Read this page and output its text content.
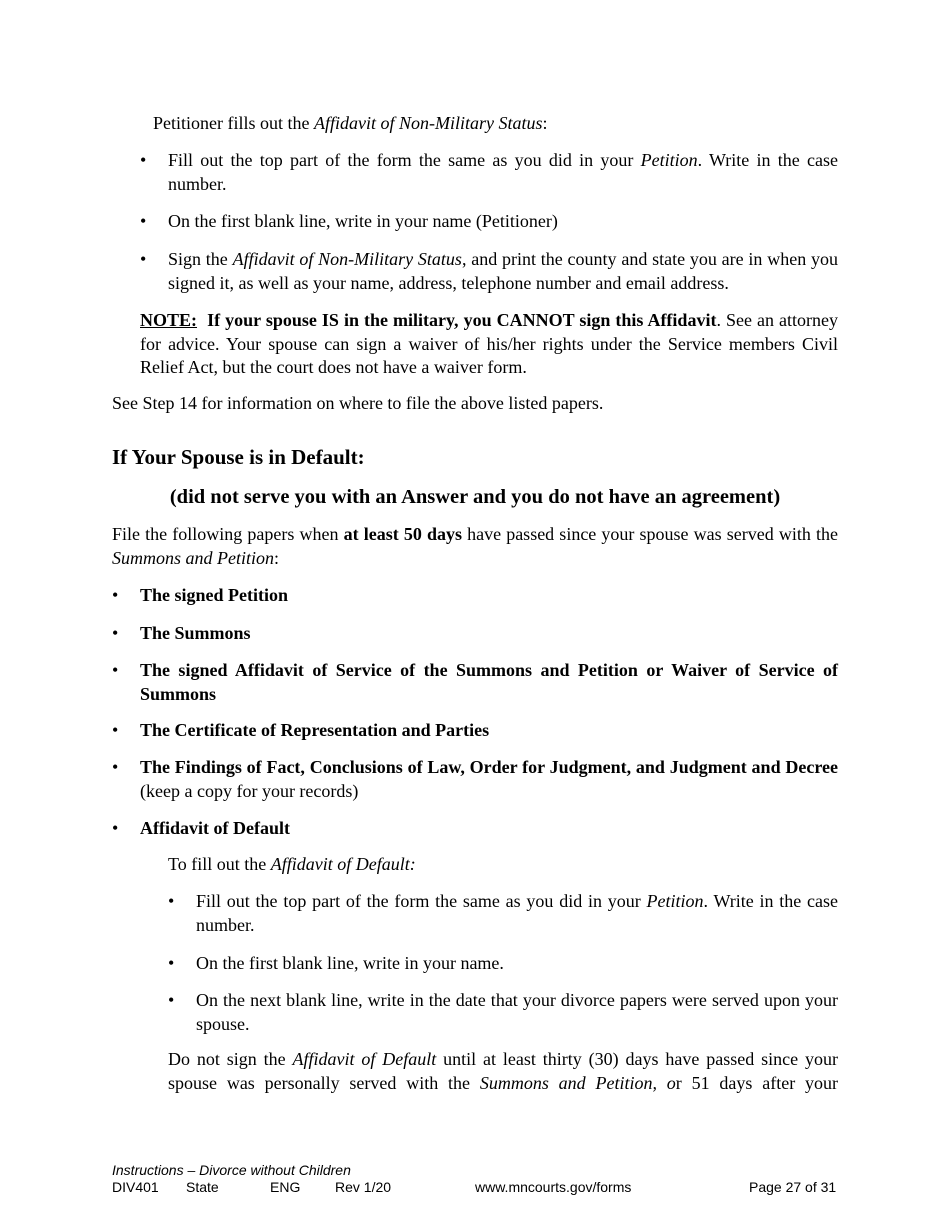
Petitioner fills out the Affidavit of Non-Military Status:

•

Fill out the top part of the form the same as you did in your Petition. Write in the case number.

•

On the first blank line, write in your name (Petitioner)

•

Sign the Affidavit of Non-Military Status, and print the county and state you are in when you signed it, as well as your name, address, telephone number and email address.

NOTE: If your spouse IS in the military, you CANNOT sign this Affidavit. See an attorney for advice. Your spouse can sign a waiver of his/her rights under the Service members Civil Relief Act, but the court does not have a waiver form.

See Step 14 for information on where to file the above listed papers.

If Your Spouse is in Default:
(did not serve you with an Answer and you do not have an agreement)

File the following papers when at least 50 days have passed since your spouse was served with the Summons and Petition:

•

The signed Petition

•

The Summons

•

The signed Affidavit of Service of the Summons and Petition or Waiver of Service of Summons

•

The Certificate of Representation and Parties

•

The Findings of Fact, Conclusions of Law, Order for Judgment, and Judgment and Decree (keep a copy for your records)

•

Affidavit of Default

To fill out the Affidavit of Default:

•

Fill out the top part of the form the same as you did in your Petition. Write in the case number.

•

On the first blank line, write in your name.

•

On the next blank line, write in the date that your divorce papers were served upon your spouse.

Do not sign the Affidavit of Default until at least thirty (30) days have passed since your spouse was personally served with the Summons and Petition, or 51 days after your

Instructions – Divorce without Children
DIV401 State	ENG Rev 1/20	www.mncourts.gov/forms	Page 27 of 31
